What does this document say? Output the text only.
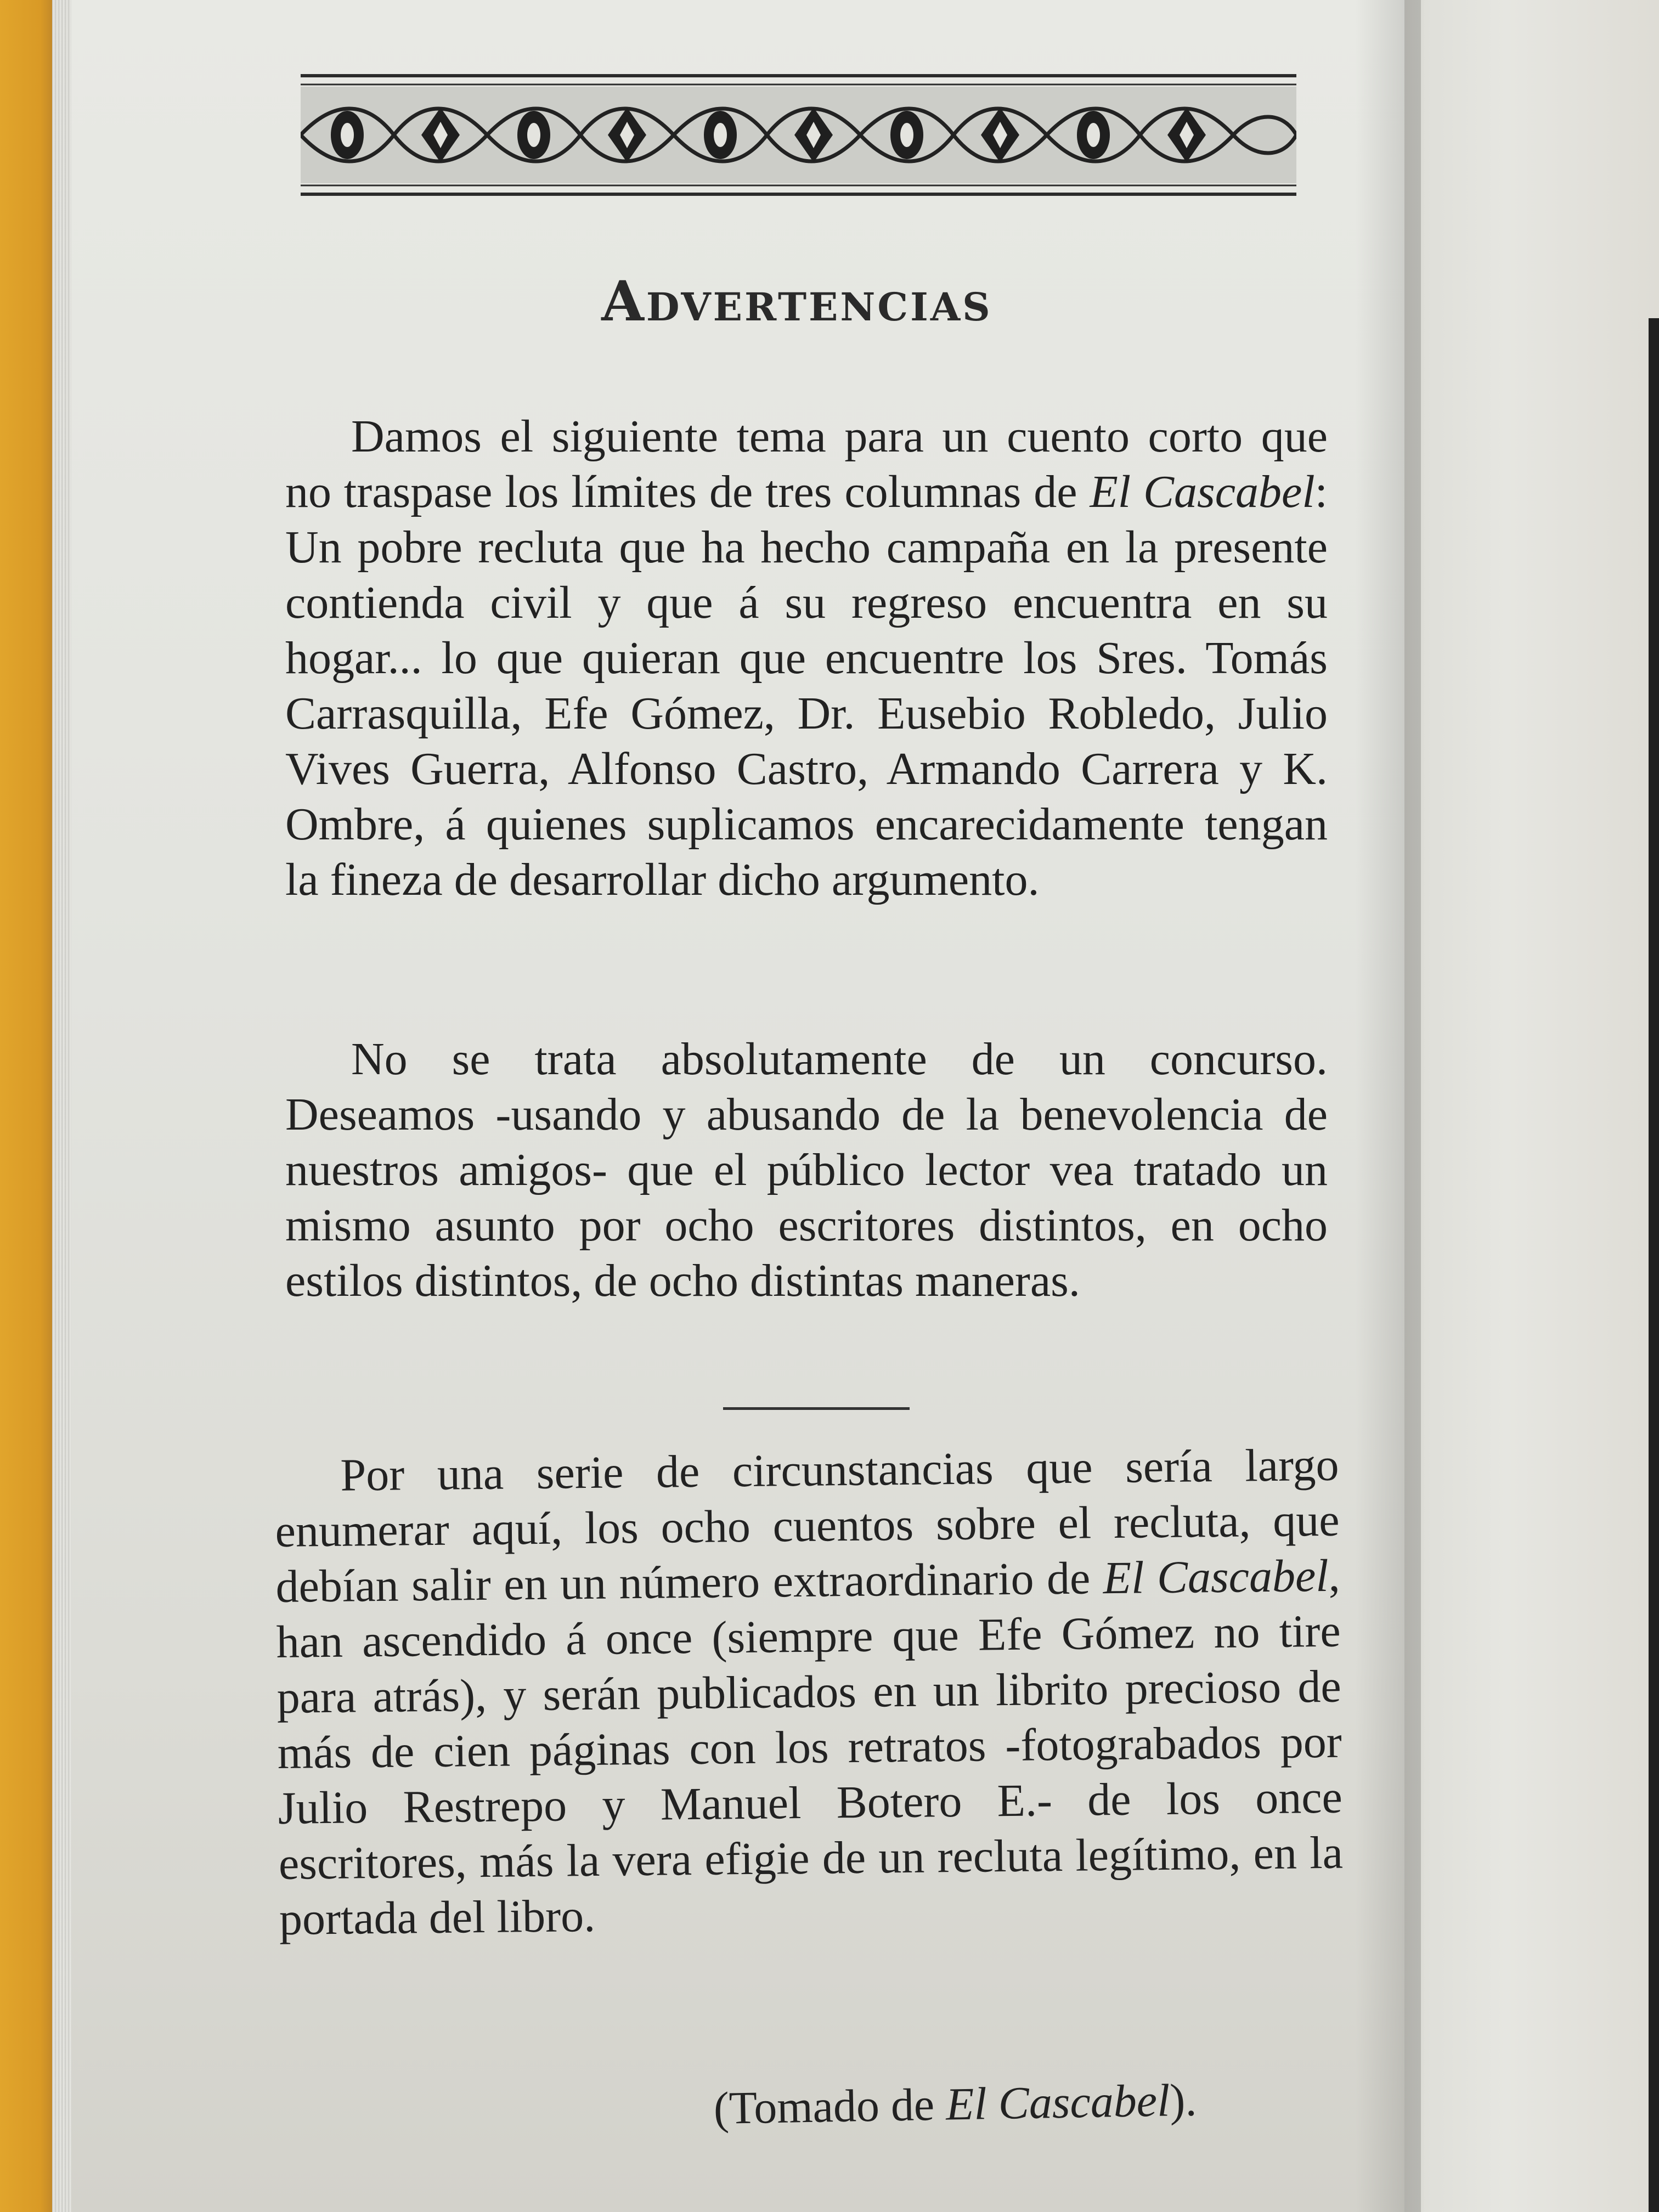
Advertencias

Damos el siguiente tema para un cuento corto que no traspase los límites de tres columnas de El Cascabel: Un pobre recluta que ha hecho campaña en la presente contienda civil y que á su regreso encuentra en su hogar... lo que quieran que encuentre los Sres. Tomás Carrasquilla, Efe Gómez, Dr. Eusebio Robledo, Julio Vives Guerra, Alfonso Castro, Armando Carrera y K. Ombre, á quienes suplicamos encarecidamente tengan la fineza de desarrollar dicho argumento.

No se trata absolutamente de un concurso. Deseamos -usando y abusando de la benevolencia de nuestros amigos- que el público lector vea tratado un mismo asunto por ocho escritores distintos, en ocho estilos distintos, de ocho distintas maneras.

Por una serie de circunstancias que sería largo enumerar aquí, los ocho cuentos sobre el recluta, que debían salir en un número extraordinario de El Cascabel, han ascendido á once (siempre que Efe Gómez no tire para atrás), y serán publicados en un librito precioso de más de cien páginas con los retratos -fotograbados por Julio Restrepo y Manuel Botero E.- de los once escritores, más la vera efigie de un recluta legítimo, en la portada del libro.

(Tomado de El Cascabel).
